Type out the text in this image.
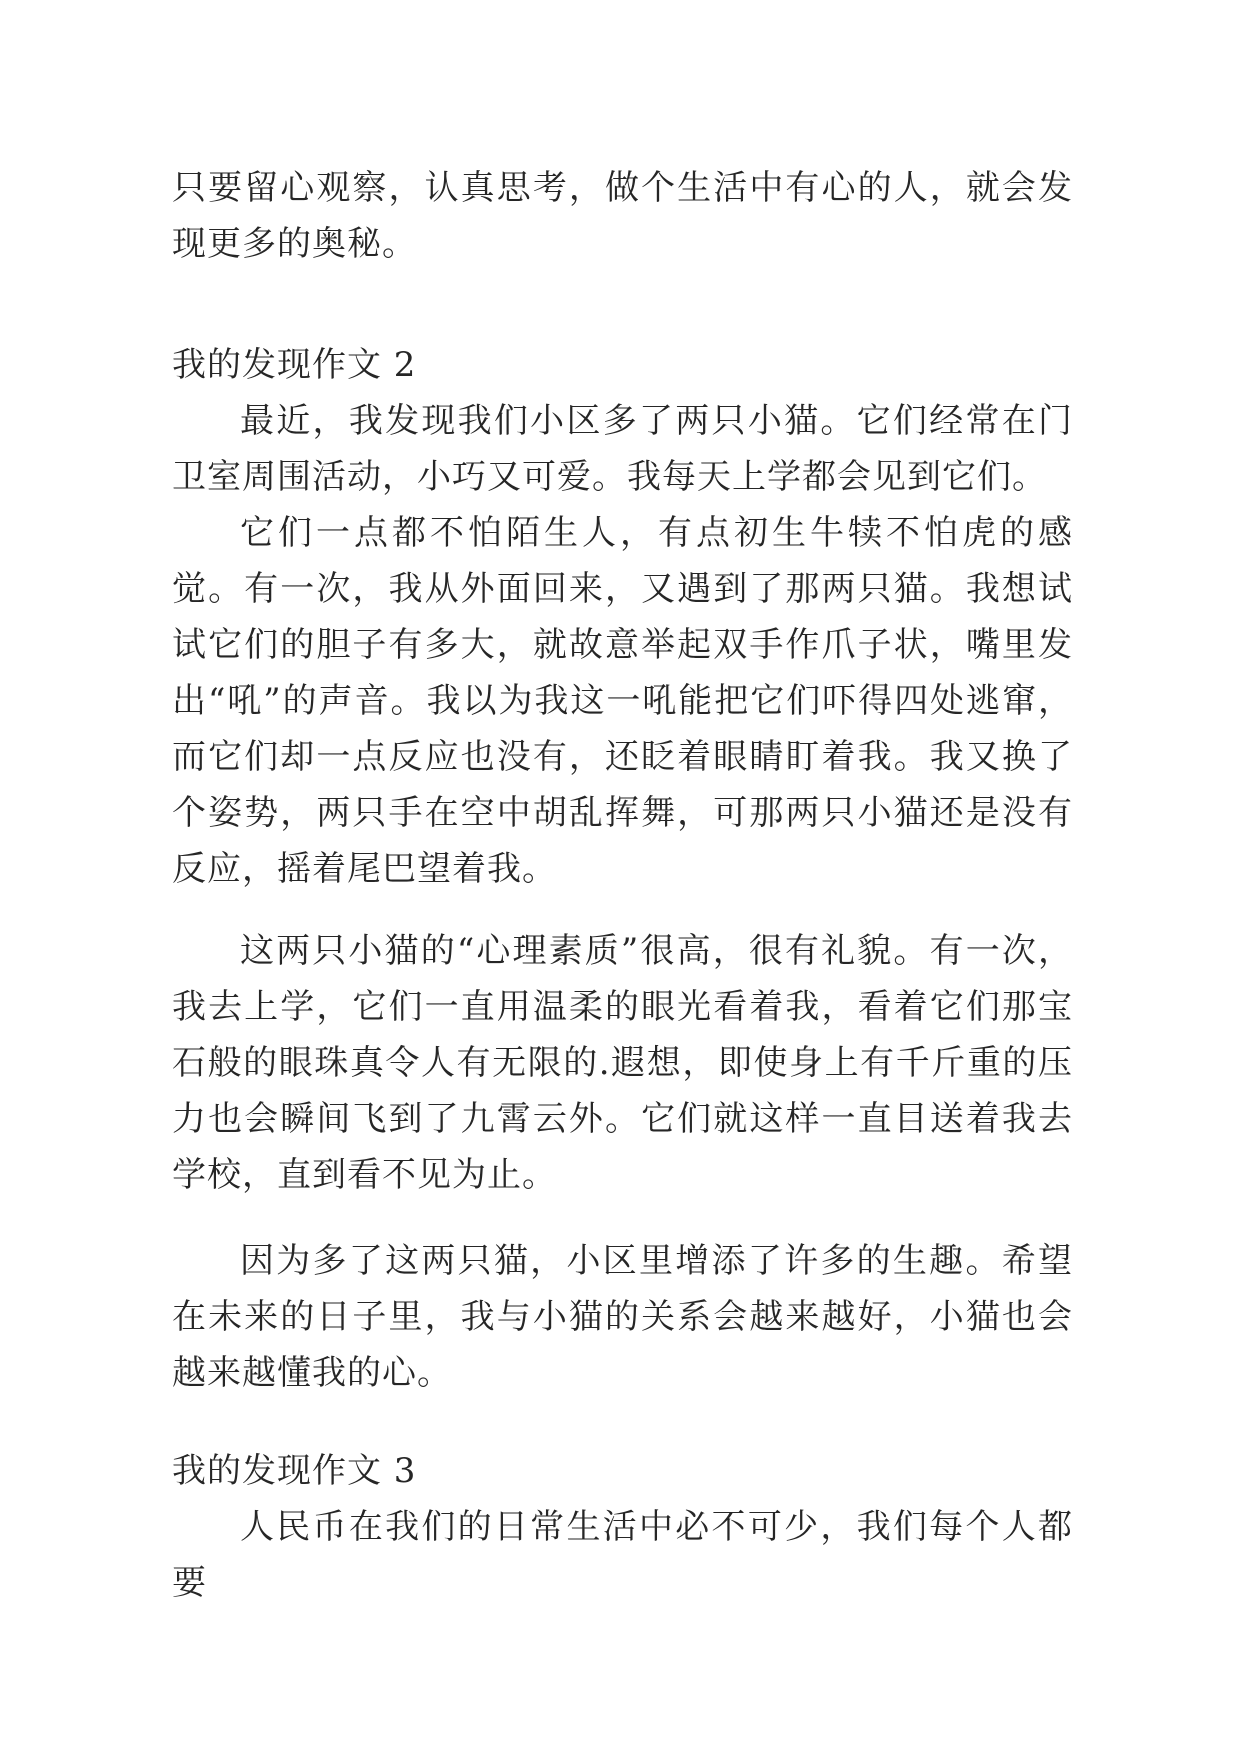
只要留心观察，认真思考，做个生活中有心的人，就会发现更多的奥秘。

我的发现作文 2

最近，我发现我们小区多了两只小猫。它们经常在门卫室周围活动，小巧又可爱。我每天上学都会见到它们。

它们一点都不怕陌生人，有点初生牛犊不怕虎的感觉。有一次，我从外面回来，又遇到了那两只猫。我想试试它们的胆子有多大，就故意举起双手作爪子状，嘴里发出“吼”的声音。我以为我这一吼能把它们吓得四处逃窜，而它们却一点反应也没有，还眨着眼睛盯着我。我又换了个姿势，两只手在空中胡乱挥舞，可那两只小猫还是没有反应，摇着尾巴望着我。

这两只小猫的“心理素质”很高，很有礼貌。有一次，我去上学，它们一直用温柔的眼光看着我，看着它们那宝石般的眼珠真令人有无限的.遐想，即使身上有千斤重的压力也会瞬间飞到了九霄云外。它们就这样一直目送着我去学校，直到看不见为止。

因为多了这两只猫，小区里增添了许多的生趣。希望在未来的日子里，我与小猫的关系会越来越好，小猫也会越来越懂我的心。

我的发现作文 3

人民币在我们的日常生活中必不可少，我们每个人都要
